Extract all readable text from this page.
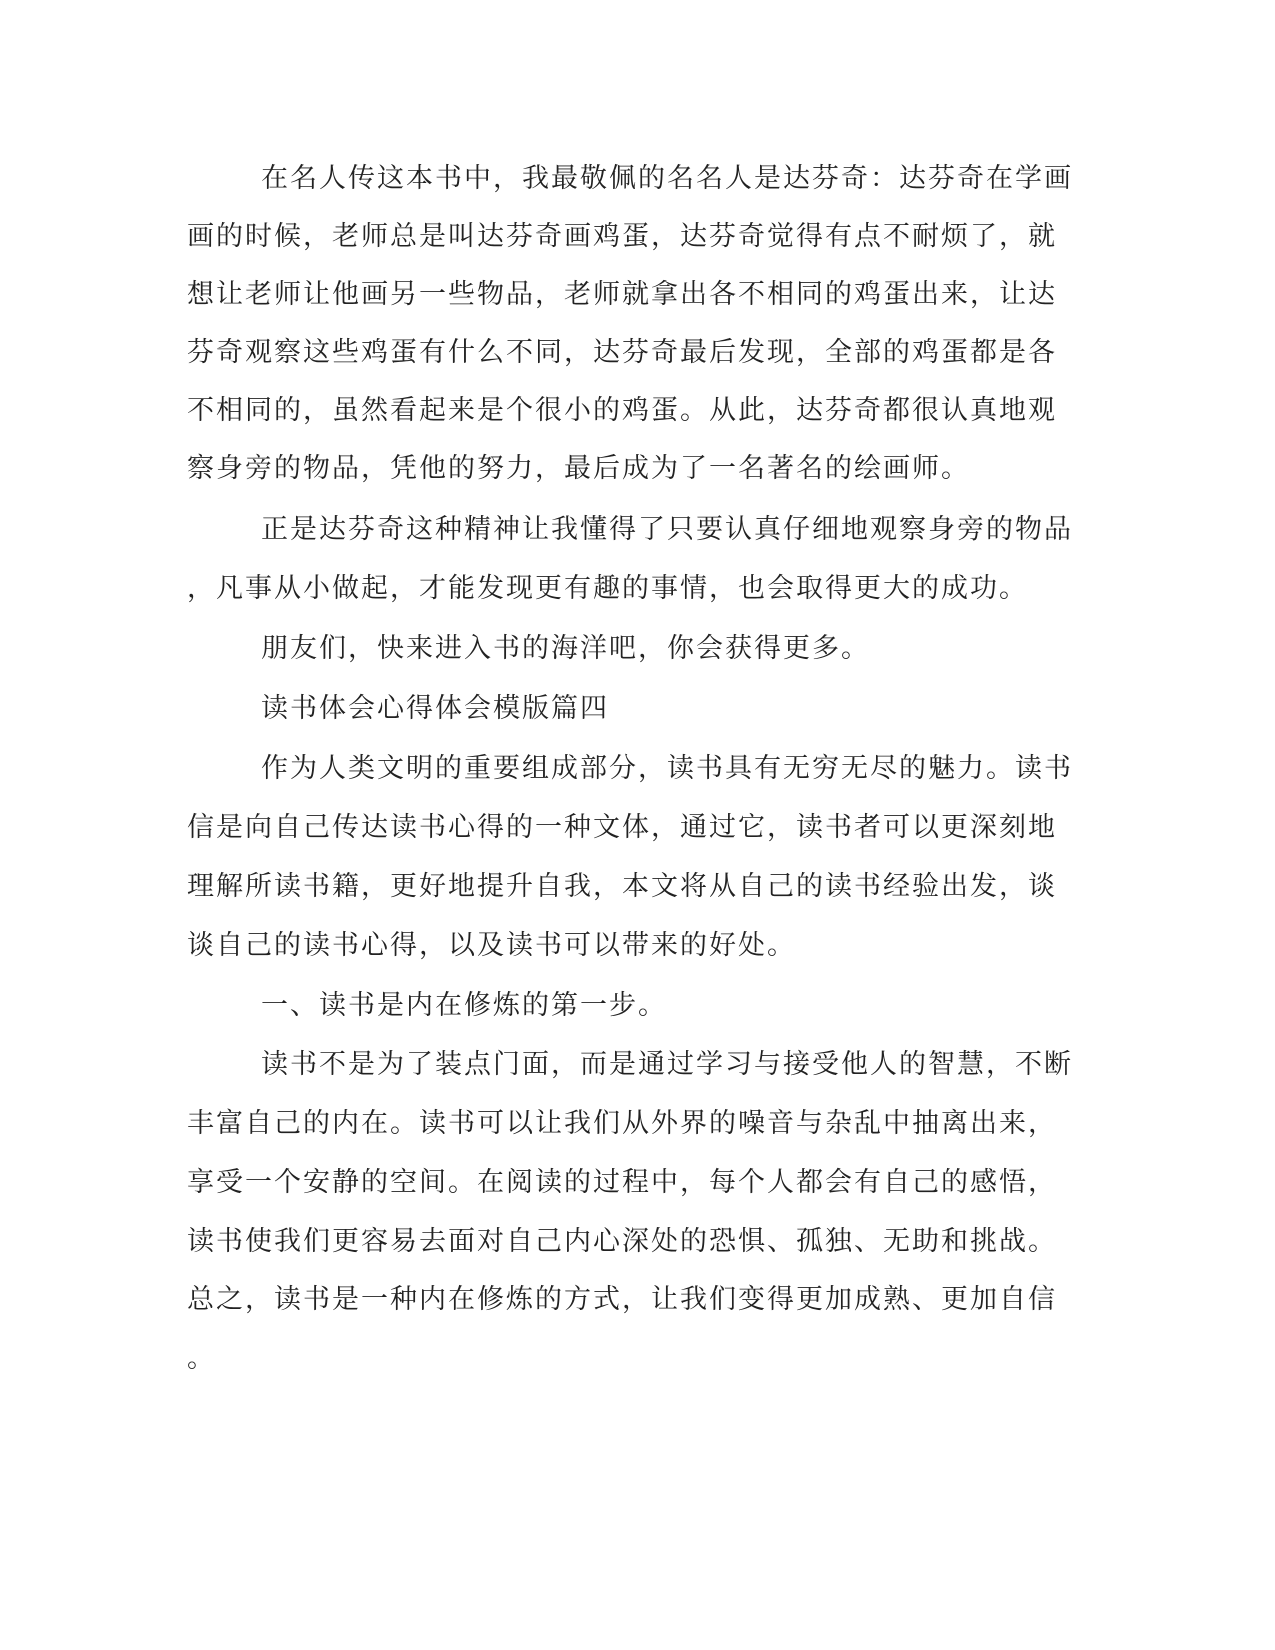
在名人传这本书中，我最敬佩的名名人是达芬奇：达芬奇在学画
画的时候，老师总是叫达芬奇画鸡蛋，达芬奇觉得有点不耐烦了，就
想让老师让他画另一些物品，老师就拿出各不相同的鸡蛋出来，让达
芬奇观察这些鸡蛋有什么不同，达芬奇最后发现，全部的鸡蛋都是各
不相同的，虽然看起来是个很小的鸡蛋。从此，达芬奇都很认真地观
察身旁的物品，凭他的努力，最后成为了一名著名的绘画师。
正是达芬奇这种精神让我懂得了只要认真仔细地观察身旁的物品
，凡事从小做起，才能发现更有趣的事情，也会取得更大的成功。
朋友们，快来进入书的海洋吧，你会获得更多。
读书体会心得体会模版篇四
作为人类文明的重要组成部分，读书具有无穷无尽的魅力。读书
信是向自己传达读书心得的一种文体，通过它，读书者可以更深刻地
理解所读书籍，更好地提升自我，本文将从自己的读书经验出发，谈
谈自己的读书心得，以及读书可以带来的好处。
一、读书是内在修炼的第一步。
读书不是为了装点门面，而是通过学习与接受他人的智慧，不断
丰富自己的内在。读书可以让我们从外界的噪音与杂乱中抽离出来，
享受一个安静的空间。在阅读的过程中，每个人都会有自己的感悟，
读书使我们更容易去面对自己内心深处的恐惧、孤独、无助和挑战。
总之，读书是一种内在修炼的方式，让我们变得更加成熟、更加自信
。
